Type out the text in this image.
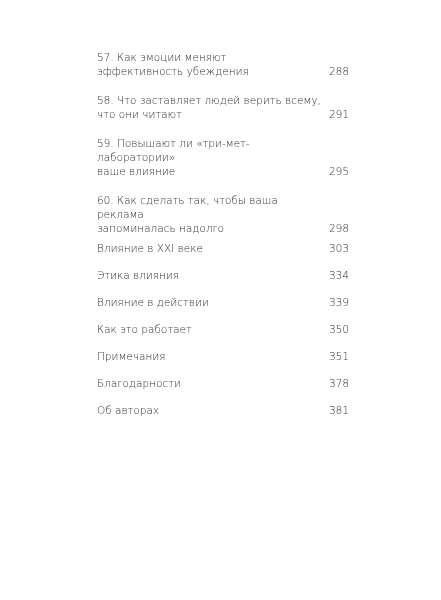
57. Как эмоции меняют
эффективность убеждения	288
58. Что заставляет людей верить всему,
что они читают	291
59. Повышают ли «три-мет-лаборатории»
ваше влияние	295
60. Как сделать так, чтобы ваша реклама
запоминалась надолго	298
Влияние в XXI веке	303
Этика влияния	334
Влияние в действии	339
Как это работает	350
Примечания	351
Благодарности	378
Об авторах	381
